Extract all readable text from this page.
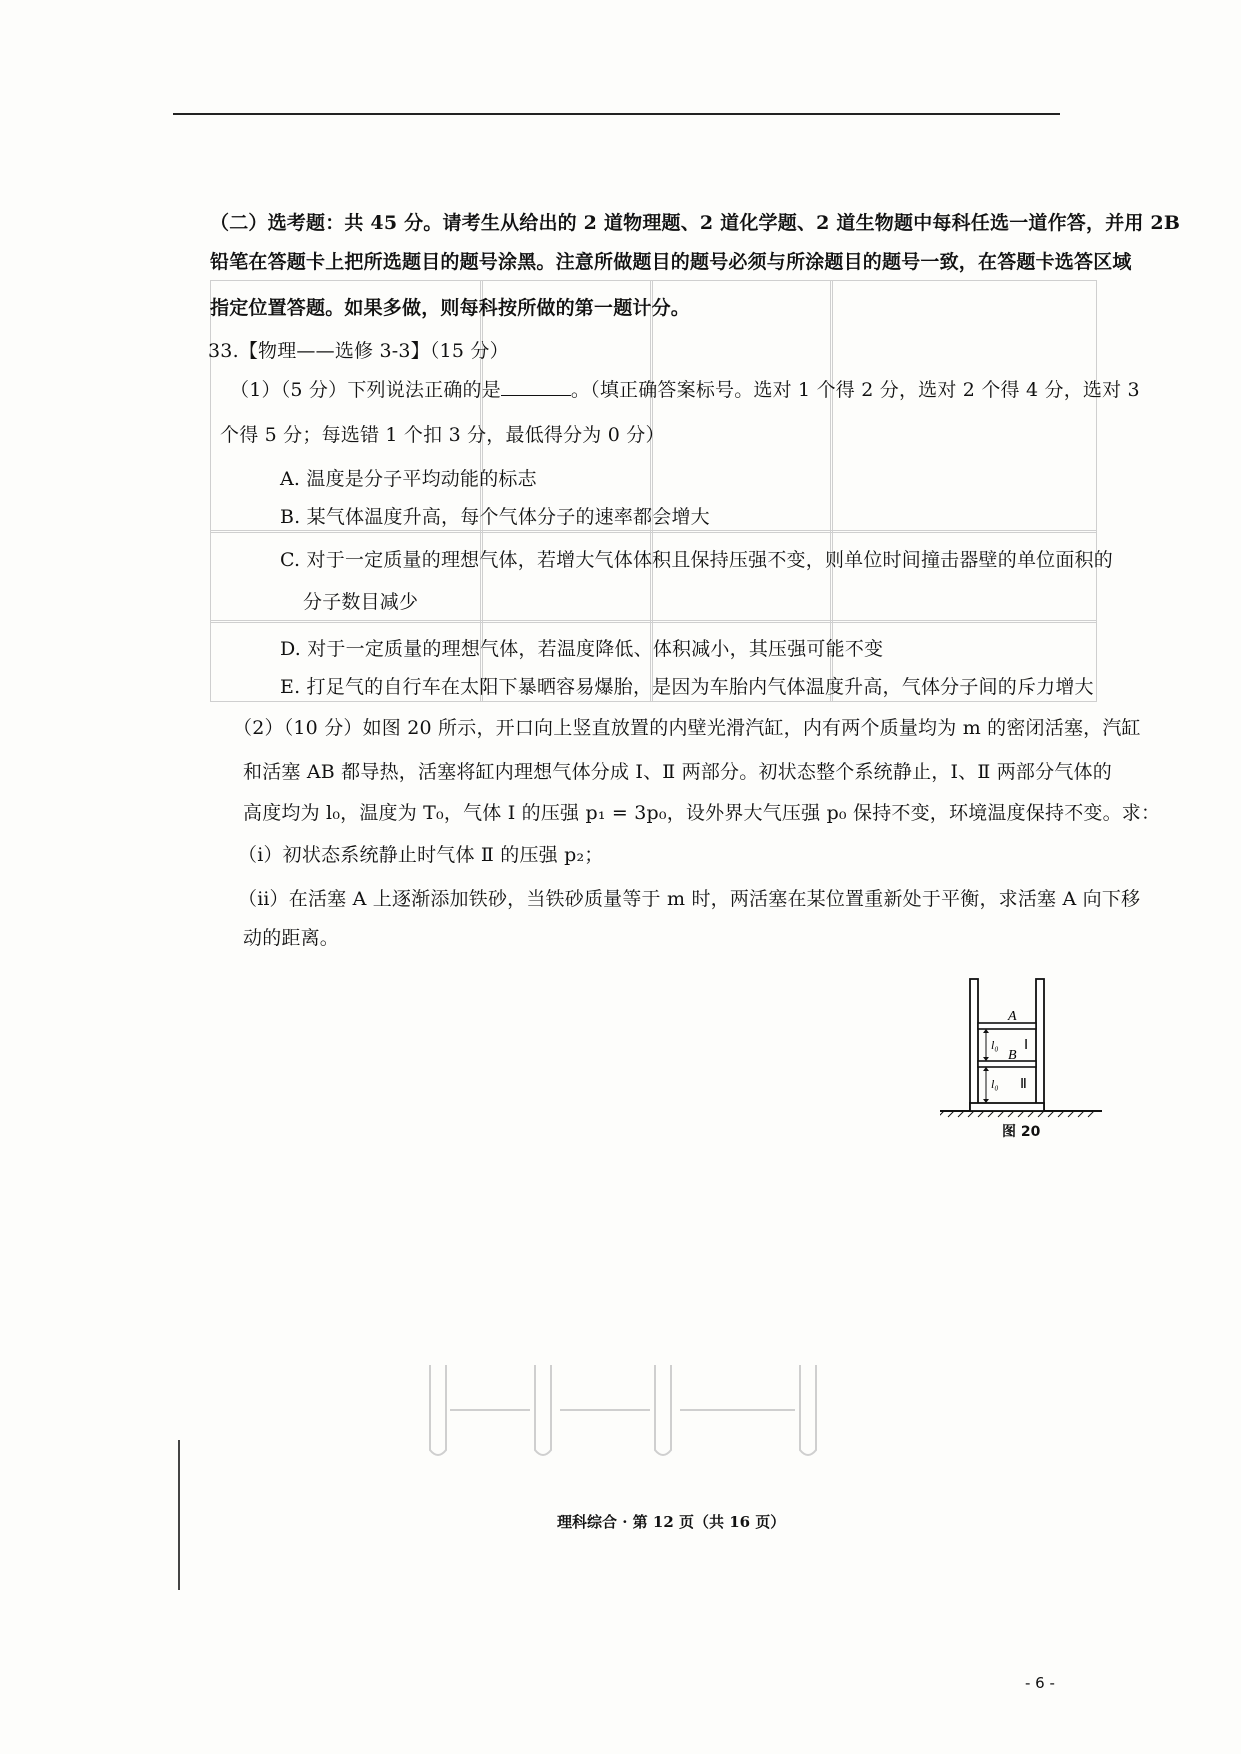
（二）选考题：共 45 分。请考生从给出的 2 道物理题、2 道化学题、2 道生物题中每科任选一道作答，并用 2B
铅笔在答题卡上把所选题目的题号涂黑。注意所做题目的题号必须与所涂题目的题号一致，在答题卡选答区域
指定位置答题。如果多做，则每科按所做的第一题计分。
33.【物理——选修 3-3】（15 分）
（1）（5 分）下列说法正确的是	。（填正确答案标号。选对 1 个得 2 分，选对 2 个得 4 分，选对 3
个得 5 分；每选错 1 个扣 3 分，最低得分为 0 分）
A. 温度是分子平均动能的标志
B. 某气体温度升高，每个气体分子的速率都会增大
C. 对于一定质量的理想气体，若增大气体体积且保持压强不变，则单位时间撞击器壁的单位面积的
分子数目减少
D. 对于一定质量的理想气体，若温度降低、体积减小，其压强可能不变
E. 打足气的自行车在太阳下暴晒容易爆胎，是因为车胎内气体温度升高，气体分子间的斥力增大
（2）（10 分）如图 20 所示，开口向上竖直放置的内壁光滑汽缸，内有两个质量均为 m 的密闭活塞，汽缸
和活塞 AB 都导热，活塞将缸内理想气体分成 Ⅰ、Ⅱ 两部分。初状态整个系统静止，Ⅰ、Ⅱ 两部分气体的
高度均为 l₀，温度为 T₀，气体 Ⅰ 的压强 p₁ = 3p₀，设外界大气压强 p₀ 保持不变，环境温度保持不变。求：
（ⅰ）初状态系统静止时气体 Ⅱ 的压强 p₂；
（ⅱ）在活塞 A 上逐渐添加铁砂，当铁砂质量等于 m 时，两活塞在某位置重新处于平衡，求活塞 A 向下移
动的距离。
A
B
Ⅰ
Ⅱ
l₀
l₀
图 20
理科综合 · 第 12 页（共 16 页）
- 6 -
